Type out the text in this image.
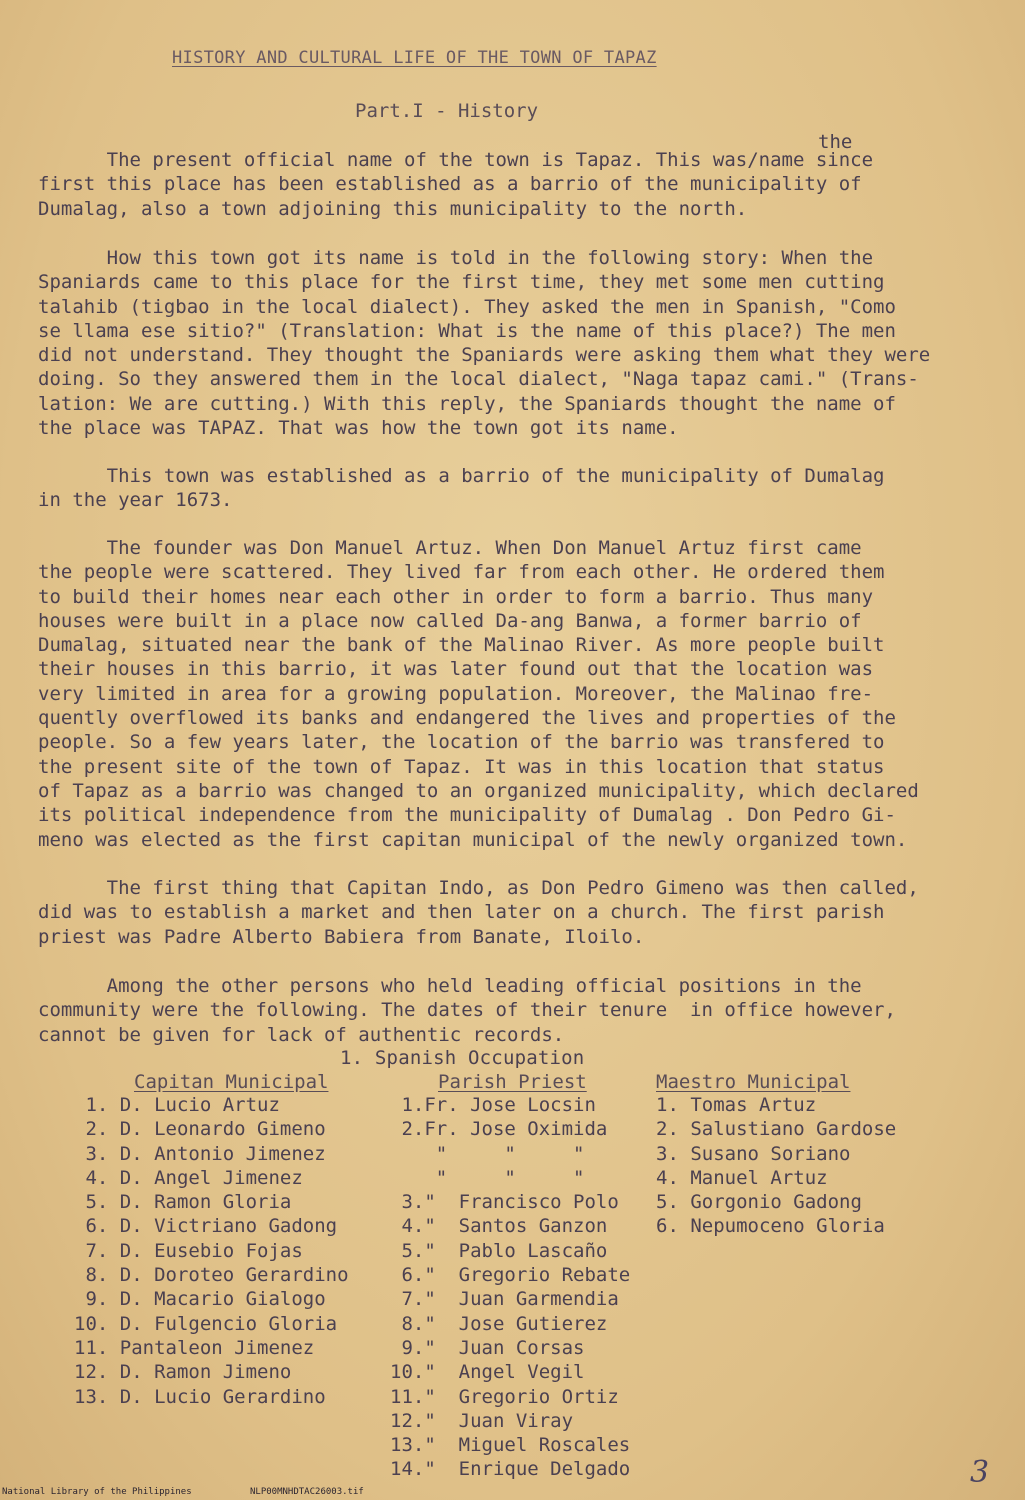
HISTORY AND CULTURAL LIFE OF THE TOWN OF TAPAZ
Part.I - History
the
The present official name of the town is Tapaz. This was/name since
first this place has been established as a barrio of the municipality of
Dumalag, also a town adjoining this municipality to the north.
How this town got its name is told in the following story: When the
Spaniards came to this place for the first time, they met some men cutting
talahib (tigbao in the local dialect). They asked the men in Spanish, "Como
se llama ese sitio?" (Translation: What is the name of this place?) The men
did not understand. They thought the Spaniards were asking them what they were
doing. So they answered them in the local dialect, "Naga tapaz cami." (Trans-
lation: We are cutting.) With this reply, the Spaniards thought the name of
the place was TAPAZ. That was how the town got its name.
This town was established as a barrio of the municipality of Dumalag
in the year 1673.
The founder was Don Manuel Artuz. When Don Manuel Artuz first came
the people were scattered. They lived far from each other. He ordered them
to build their homes near each other in order to form a barrio. Thus many
houses were built in a place now called Da-ang Banwa, a former barrio of
Dumalag, situated near the bank of the Malinao River. As more people built
their houses in this barrio, it was later found out that the location was
very limited in area for a growing population. Moreover, the Malinao fre-
quently overflowed its banks and endangered the lives and properties of the
people. So a few years later, the location of the barrio was transfered to
the present site of the town of Tapaz. It was in this location that status
of Tapaz as a barrio was changed to an organized municipality, which declared
its political independence from the municipality of Dumalag . Don Pedro Gi-
meno was elected as the first capitan municipal of the newly organized town.
The first thing that Capitan Indo, as Don Pedro Gimeno was then called,
did was to establish a market and then later on a church. The first parish
priest was Padre Alberto Babiera from Banate, Iloilo.
Among the other persons who held leading official positions in the
community were the following. The dates of their tenure  in office however,
cannot be given for lack of authentic records.
1. Spanish Occupation
Capitan Municipal
1. D. Lucio Artuz
2. D. Leonardo Gimeno
3. D. Antonio Jimenez
4. D. Angel Jimenez
5. D. Ramon Gloria
6. D. Victriano Gadong
7. D. Eusebio Fojas
8. D. Doroteo Gerardino
9. D. Macario Gialogo
10. D. Fulgencio Gloria
11. Pantaleon Jimenez
12. D. Ramon Jimeno
13. D. Lucio Gerardino
Parish Priest
1.Fr. Jose Locsin
2.Fr. Jose Oximida
"     "     "
"     "     "
3."  Francisco Polo
4."  Santos Ganzon
5."  Pablo Lascaño
6."  Gregorio Rebate
7."  Juan Garmendia
8."  Jose Gutierez
9."  Juan Corsas
10."  Angel Vegil
11."  Gregorio Ortiz
12."  Juan Viray
13."  Miguel Roscales
14."  Enrique Delgado
Maestro Municipal
1. Tomas Artuz
2. Salustiano Gardose
3. Susano Soriano
4. Manuel Artuz
5. Gorgonio Gadong
6. Nepumoceno Gloria
3
National Library of the Philippines	NLP00MNHDTAC26003.tif
